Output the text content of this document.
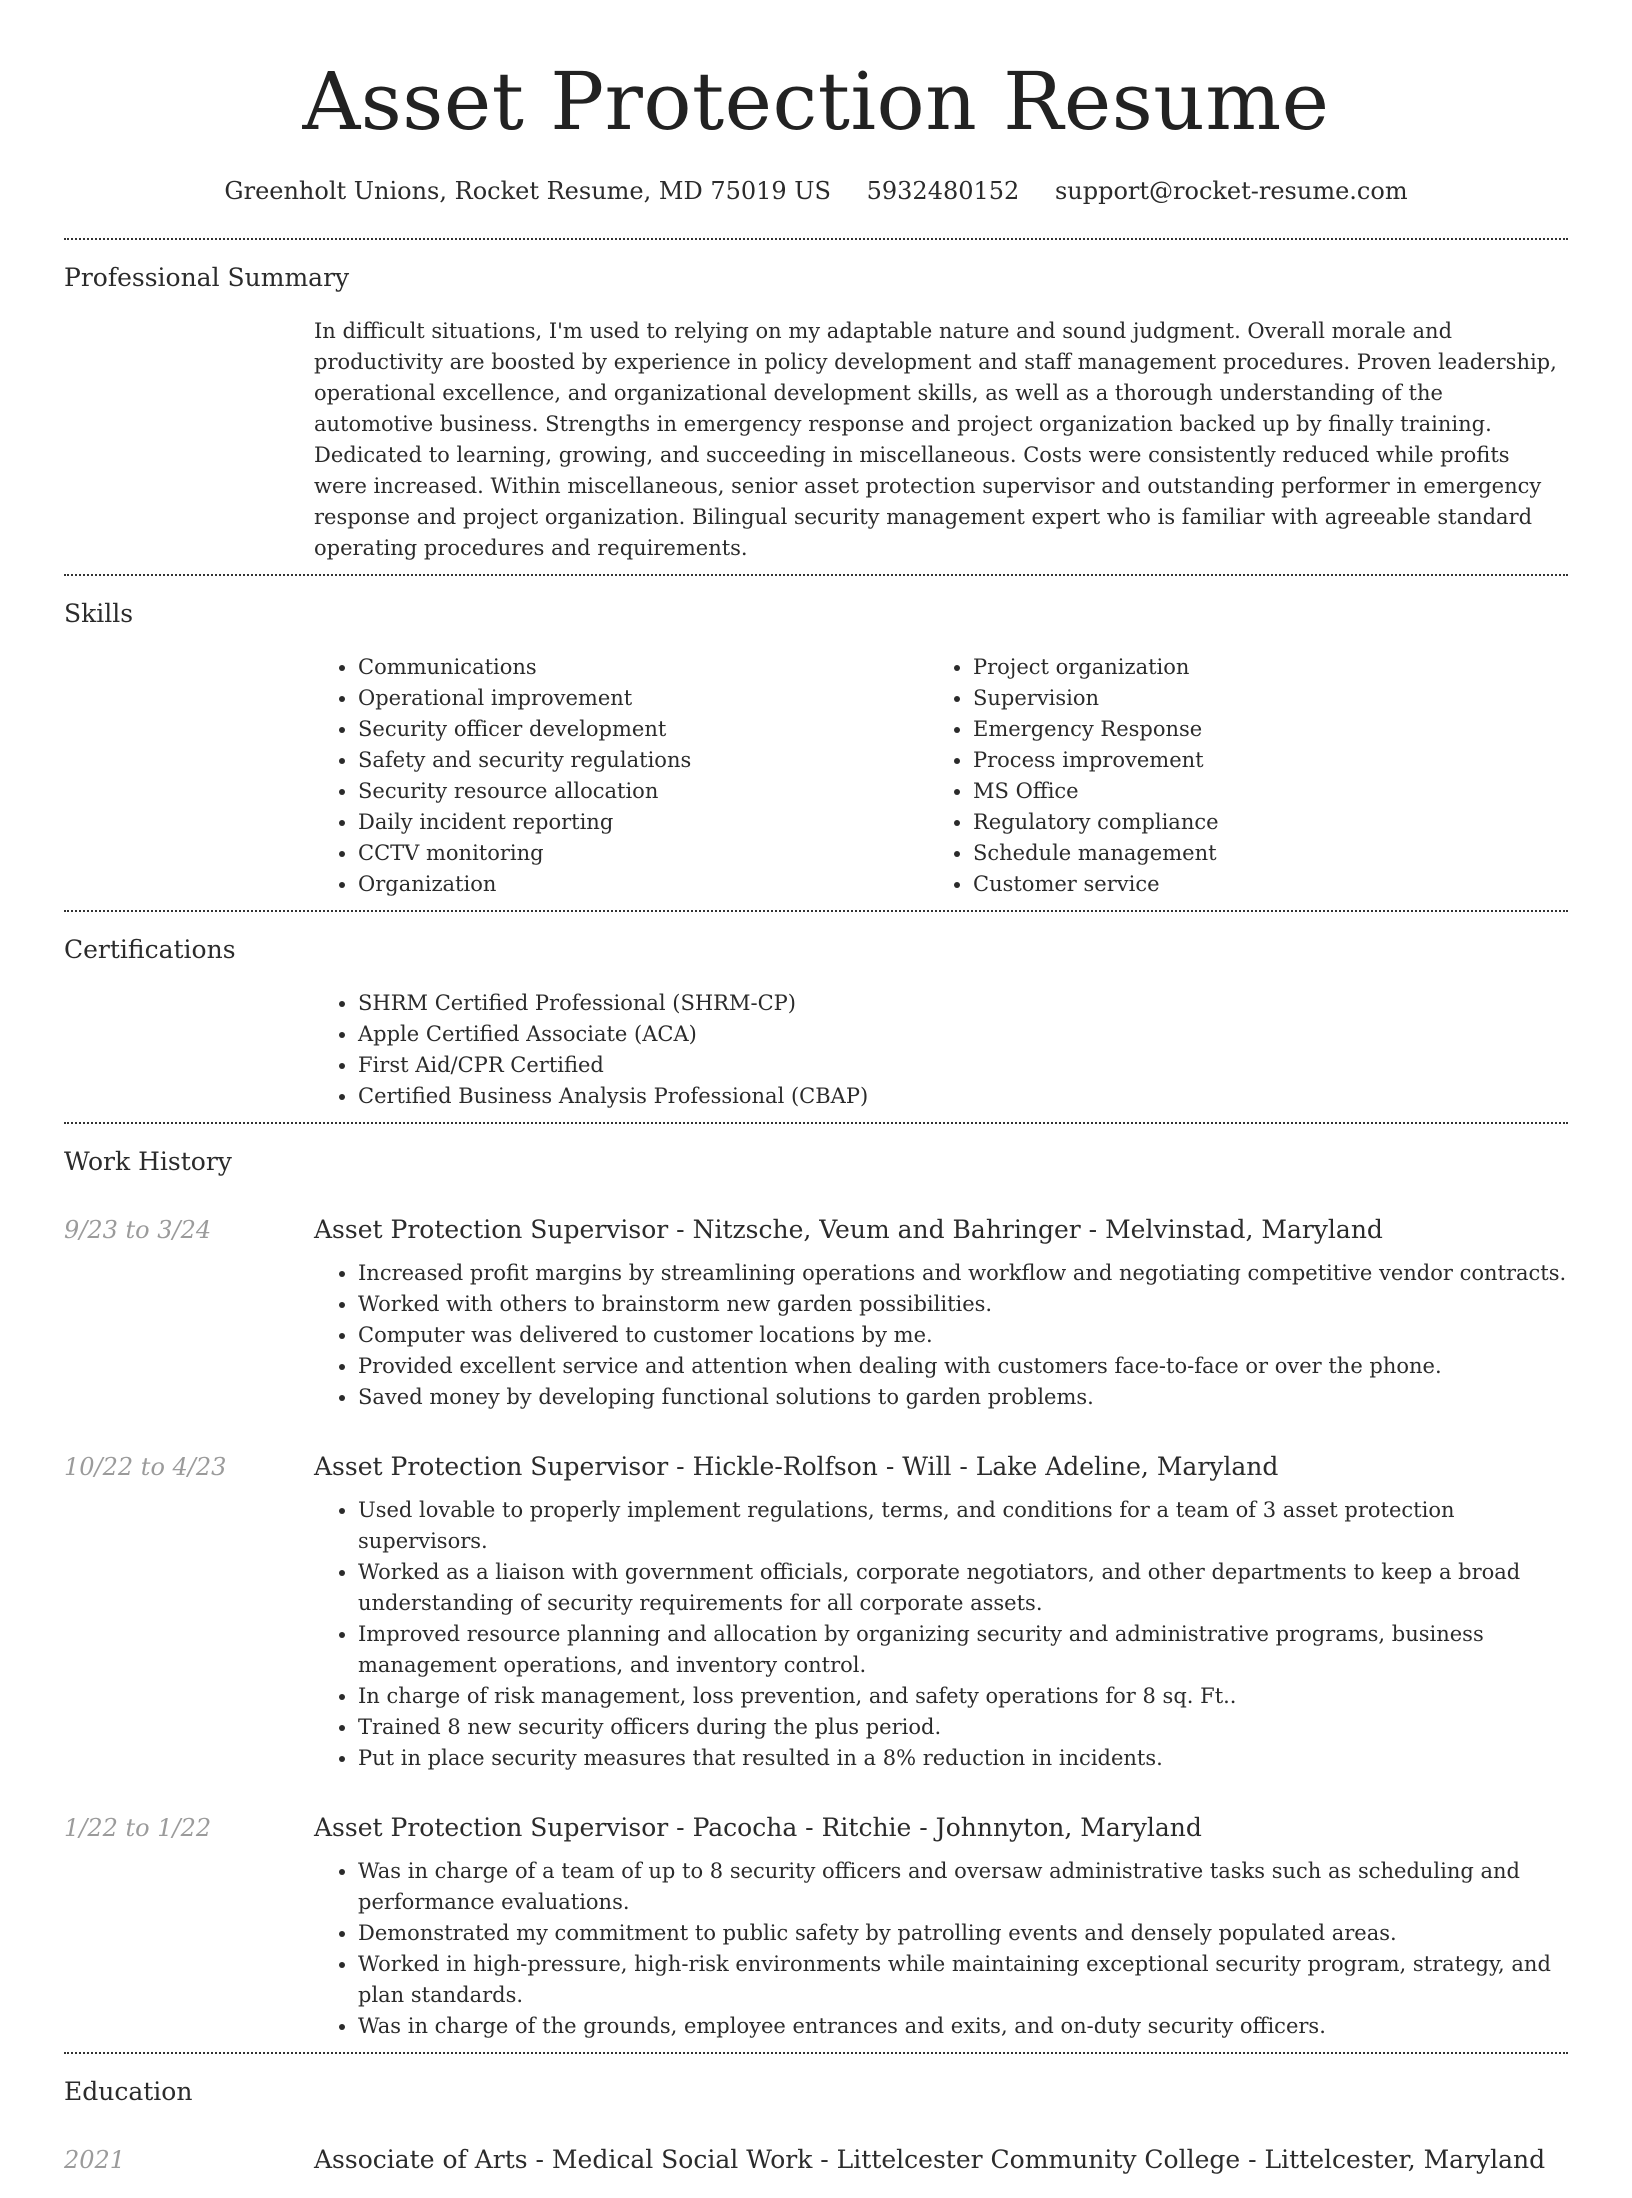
Asset Protection Resume
Greenholt Unions, Rocket Resume, MD 75019 US 5932480152 support@rocket-resume.com
Professional Summary

In difficult situations, I'm used to relying on my adaptable nature and sound judgment. Overall morale and productivity are boosted by experience in policy development and staff management procedures. Proven leadership, operational excellence, and organizational development skills, as well as a thorough understanding of the automotive business. Strengths in emergency response and project organization backed up by finally training. Dedicated to learning, growing, and succeeding in miscellaneous. Costs were consistently reduced while profits were increased. Within miscellaneous, senior asset protection supervisor and outstanding performer in emergency response and project organization. Bilingual security management expert who is familiar with agreeable standard operating procedures and requirements.

Skills
• Communications
• Operational improvement
• Security officer development
• Safety and security regulations
• Security resource allocation
• Daily incident reporting
• CCTV monitoring
• Organization
• Project organization
• Supervision
• Emergency Response
• Process improvement
• MS Office
• Regulatory compliance
• Schedule management
• Customer service
Certifications
• SHRM Certified Professional (SHRM-CP)
• Apple Certified Associate (ACA)
• First Aid/CPR Certified
• Certified Business Analysis Professional (CBAP)
Work History
9/23 to 3/24	Asset Protection Supervisor - Nitzsche, Veum and Bahringer - Melvinstad, Maryland
• Increased profit margins by streamlining operations and workflow and negotiating competitive vendor contracts.
• Worked with others to brainstorm new garden possibilities.
• Computer was delivered to customer locations by me.
• Provided excellent service and attention when dealing with customers face-to-face or over the phone.
• Saved money by developing functional solutions to garden problems.
10/22 to 4/23	Asset Protection Supervisor - Hickle-Rolfson - Will - Lake Adeline, Maryland
• Used lovable to properly implement regulations, terms, and conditions for a team of 3 asset protection supervisors.
• Worked as a liaison with government officials, corporate negotiators, and other departments to keep a broad understanding of security requirements for all corporate assets.
• Improved resource planning and allocation by organizing security and administrative programs, business management operations, and inventory control.
• In charge of risk management, loss prevention, and safety operations for 8 sq. Ft..
• Trained 8 new security officers during the plus period.
• Put in place security measures that resulted in a 8% reduction in incidents.
1/22 to 1/22	Asset Protection Supervisor - Pacocha - Ritchie - Johnnyton, Maryland
• Was in charge of a team of up to 8 security officers and oversaw administrative tasks such as scheduling and performance evaluations.
• Demonstrated my commitment to public safety by patrolling events and densely populated areas.
• Worked in high-pressure, high-risk environments while maintaining exceptional security program, strategy, and plan standards.
• Was in charge of the grounds, employee entrances and exits, and on-duty security officers.
Education
2021	Associate of Arts - Medical Social Work - Littelcester Community College - Littelcester, Maryland
